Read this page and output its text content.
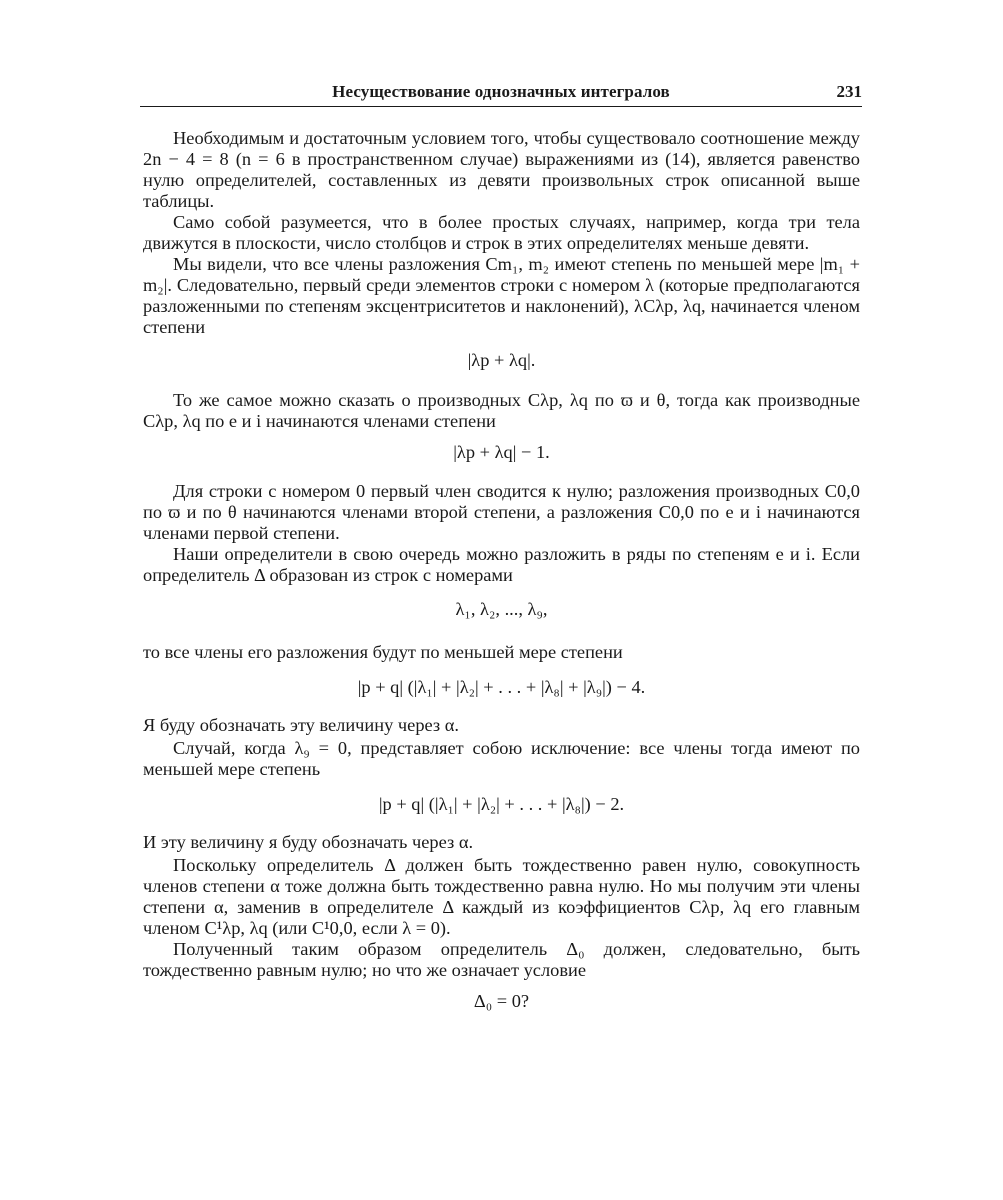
Несуществование однозначных интегралов	231

Необходимым и достаточным условием того, чтобы существовало соотношение между 2n − 4 = 8 (n = 6 в пространственном случае) выражениями из (14), является равенство нулю определителей, составленных из девяти произвольных строк описанной выше таблицы.

Само собой разумеется, что в более простых случаях, например, когда три тела движутся в плоскости, число столбцов и строк в этих определителях меньше девяти.

Мы видели, что все члены разложения Cm₁, m₂ имеют степень по меньшей мере |m₁ + m₂|. Следовательно, первый среди элементов строки с номером λ (которые предполагаются разложенными по степеням эксцентриситетов и наклонений), λCλp, λq, начинается членом степени

|λp + λq|.

То же самое можно сказать о производных Cλp, λq по ϖ и θ, тогда как производные Cλp, λq по e и i начинаются членами степени

|λp + λq| − 1.

Для строки с номером 0 первый член сводится к нулю; разложения производных C0,0 по ϖ и по θ начинаются членами второй степени, а разложения C0,0 по e и i начинаются членами первой степени.

Наши определители в свою очередь можно разложить в ряды по степеням e и i. Если определитель Δ образован из строк с номерами

λ₁, λ₂, ..., λ₉,

то все члены его разложения будут по меньшей мере степени

|p + q| (|λ₁| + |λ₂| + . . . + |λ₈| + |λ₉|) − 4.

Я буду обозначать эту величину через α.

Случай, когда λ₉ = 0, представляет собою исключение: все члены тогда имеют по меньшей мере степень

|p + q| (|λ₁| + |λ₂| + . . . + |λ₈|) − 2.

И эту величину я буду обозначать через α.

Поскольку определитель Δ должен быть тождественно равен нулю, совокупность членов степени α тоже должна быть тождественно равна нулю. Но мы получим эти члены степени α, заменив в определителе Δ каждый из коэффициентов Cλp, λq его главным членом C¹λp, λq (или C¹0,0, если λ = 0).

Полученный таким образом определитель Δ₀ должен, следовательно, быть тождественно равным нулю; но что же означает условие

Δ₀ = 0?
